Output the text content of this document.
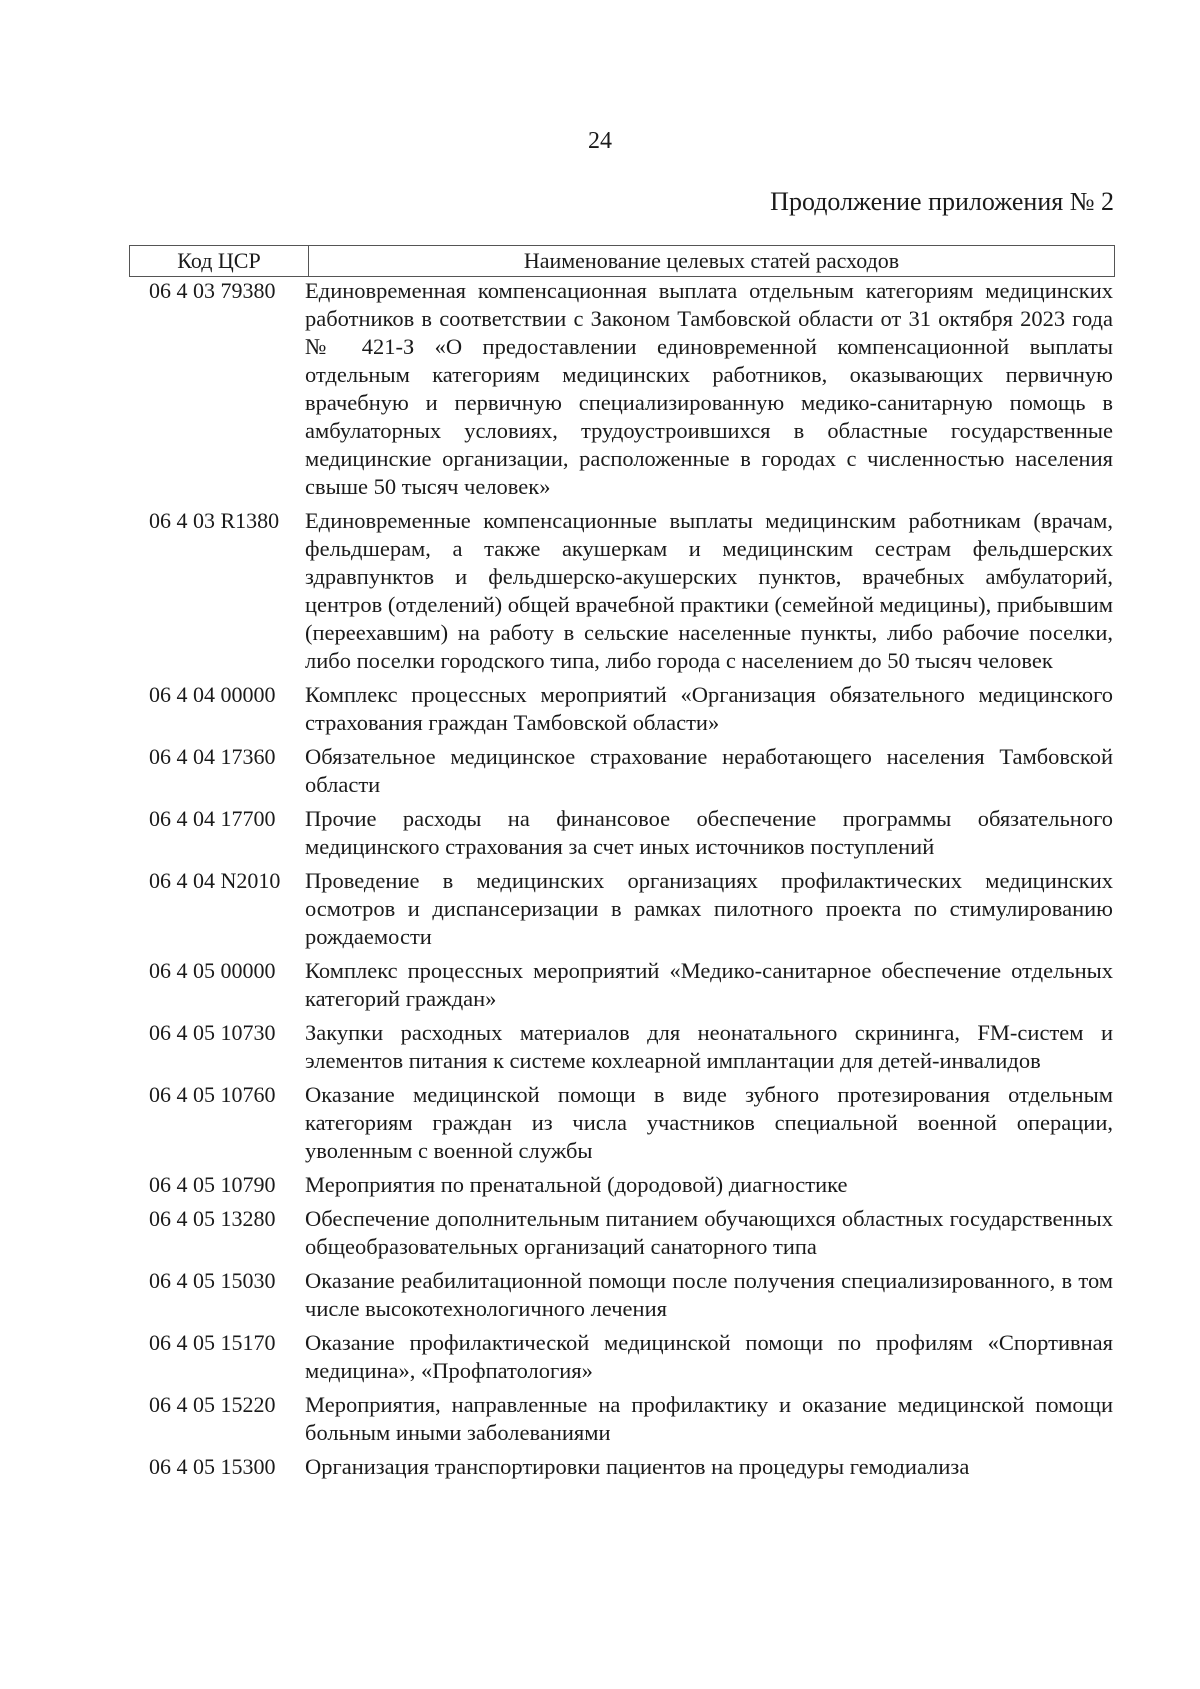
24
Продолжение приложения № 2
Код ЦСР	Наименование целевых статей расходов
06 4 03 79380	Единовременная компенсационная выплата отдельным категориям медицинских работников в соответствии с Законом Тамбовской области от 31 октября 2023 года № 421-З «О предоставлении единовременной компенсационной выплаты отдельным категориям медицинских работников, оказывающих первичную врачебную и первичную специализированную медико-санитарную помощь в амбулаторных условиях, трудоустроившихся в областные государственные медицинские организации, расположенные в городах с численностью населения свыше 50 тысяч человек»
06 4 03 R1380	Единовременные компенсационные выплаты медицинским работникам (врачам, фельдшерам, а также акушеркам и медицинским сестрам фельдшерских здравпунктов и фельдшерско-акушерских пунктов, врачебных амбулаторий, центров (отделений) общей врачебной практики (семейной медицины), прибывшим (переехавшим) на работу в сельские населенные пункты, либо рабочие поселки, либо поселки городского типа, либо города с населением до 50 тысяч человек
06 4 04 00000	Комплекс процессных мероприятий «Организация обязательного медицинского страхования граждан Тамбовской области»
06 4 04 17360	Обязательное медицинское страхование неработающего населения Тамбовской области
06 4 04 17700	Прочие расходы на финансовое обеспечение программы обязательного медицинского страхования за счет иных источников поступлений
06 4 04 N2010	Проведение в медицинских организациях профилактических медицинских осмотров и диспансеризации в рамках пилотного проекта по стимулированию рождаемости
06 4 05 00000	Комплекс процессных мероприятий «Медико-санитарное обеспечение отдельных категорий граждан»
06 4 05 10730	Закупки расходных материалов для неонатального скрининга, FM-систем и элементов питания к системе кохлеарной имплантации для детей-инвалидов
06 4 05 10760	Оказание медицинской помощи в виде зубного протезирования отдельным категориям граждан из числа участников специальной военной операции, уволенным с военной службы
06 4 05 10790	Мероприятия по пренатальной (дородовой) диагностике
06 4 05 13280	Обеспечение дополнительным питанием обучающихся областных государственных общеобразовательных организаций санаторного типа
06 4 05 15030	Оказание реабилитационной помощи после получения специализированного, в том числе высокотехнологичного лечения
06 4 05 15170	Оказание профилактической медицинской помощи по профилям «Спортивная медицина», «Профпатология»
06 4 05 15220	Мероприятия, направленные на профилактику и оказание медицинской помощи больным иными заболеваниями
06 4 05 15300	Организация транспортировки пациентов на процедуры гемодиализа
